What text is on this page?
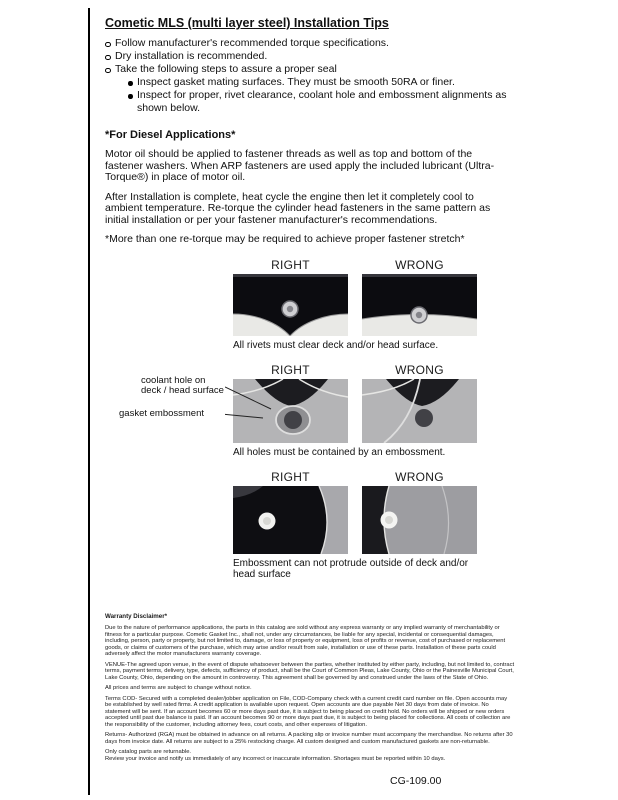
Cometic MLS (multi layer steel) Installation Tips
Follow manufacturer's recommended torque specifications.
Dry installation is recommended.
Take the following steps to assure a proper seal
Inspect gasket mating surfaces. They must be smooth 50RA or finer.
Inspect for proper, rivet clearance, coolant hole and embossment alignments as shown below.
*For Diesel Applications*

Motor oil should be applied to fastener threads as well as top and bottom of the fastener washers. When ARP fasteners are used apply the included lubricant (Ultra-Torque®) in place of motor oil.

After Installation is complete, heat cycle the engine then let it completely cool to ambient temperature. Re-torque the cylinder head fasteners in the same pattern as initial installation or per your fastener manufacturer's recommendations.

*More than one re-torque may be required to achieve proper fastener stretch*

RIGHT	WRONG
All rivets must clear deck and/or head surface.
RIGHT	WRONG
coolant hole on
deck / head surface
gasket embossment
All holes must be contained by an embossment.
RIGHT	WRONG
Embossment can not protrude outside of deck and/or head surface
Warranty Disclaimer*

Due to the nature of performance applications, the parts in this catalog are sold without any express warranty or any implied warranty of merchantability or fitness for a particular purpose. Cometic Gasket Inc., shall not, under any circumstances, be liable for any special, incidental or consequential damages, including, person, party or property, but not limited to, damage, or loss of property or equipment, loss of profits or revenue, cost of purchased or replacement goods, or claims of customers of the purchase, which may arise and/or result from sale, installation or use of these parts. Installation of these parts could adversely affect the motor manufacturers warranty coverage.

VENUE-The agreed upon venue, in the event of dispute whatsoever between the parties, whether instituted by either party, including, but not limited to, contract terms, payment terms, delivery, type, defects, sufficiency of product, shall be the Court of Common Pleas, Lake County, Ohio or the Painesville Municipal Court, Lake County, Ohio, depending on the amount in controversy. This agreement shall be governed by and construed under the laws of the State of Ohio.

All prices and terms are subject to change without notice.

Terms COD- Secured with a completed dealer/jobber application on File, COD-Company check with a current credit card number on file. Open accounts may be established by well rated firms. A credit application is available upon request. Open accounts are due payable Net 30 days from date of invoice. No statement will be sent. If an account becomes 60 or more days past due, it is subject to being placed on credit hold. No orders will be shipped or new orders accepted until past due balance is paid. If an account becomes 90 or more days past due, it is subject to being placed for collections. All costs of collection are the responsibility of the customer, including attorney fees, court costs, and other expenses of litigation.

Returns- Authorized (RGA) must be obtained in advance on all returns. A packing slip or invoice number must accompany the merchandise. No returns after 30 days from invoice date. All returns are subject to a 25% restocking charge. All custom designed and custom manufactured gaskets are non-returnable.

Only catalog parts are returnable.

Review your invoice and notify us immediately of any incorrect or inaccurate information. Shortages must be reported within 10 days.

CG-109.00
